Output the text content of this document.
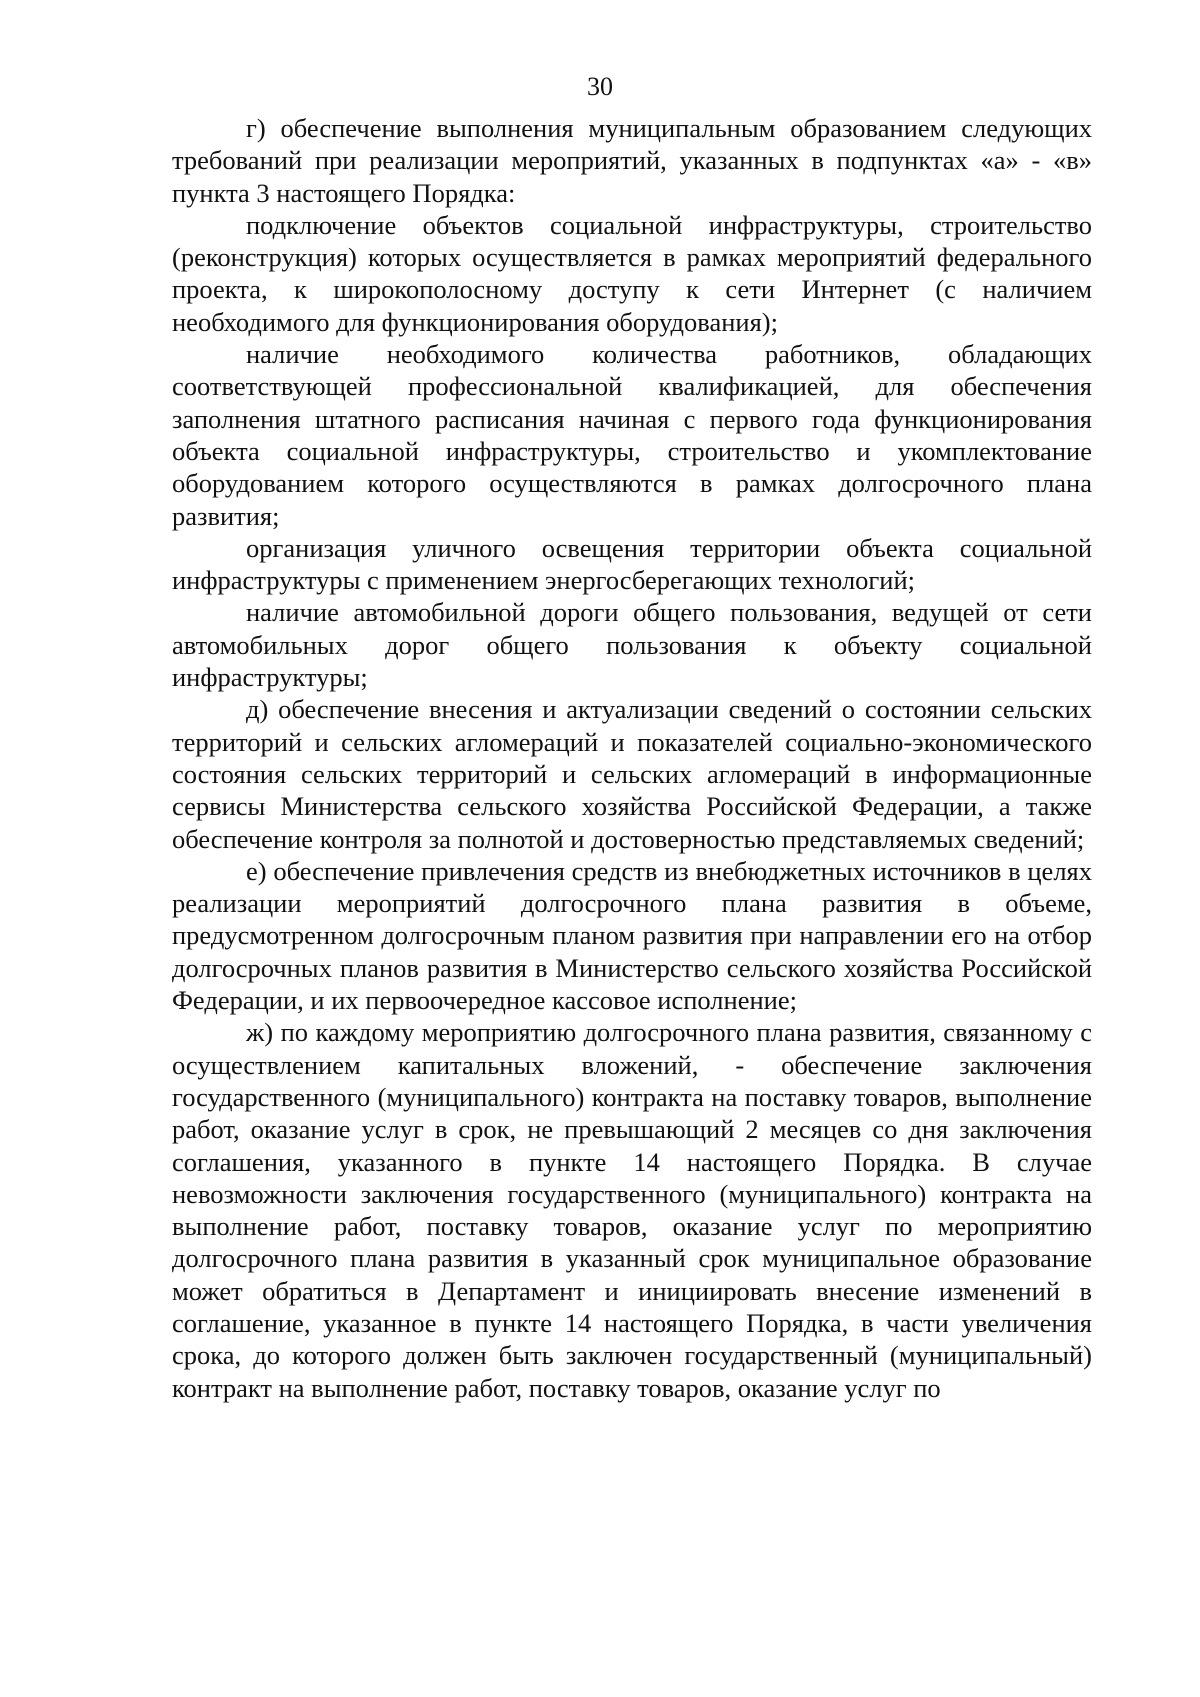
30

г) обеспечение выполнения муниципальным образованием следующих требований при реализации мероприятий, указанных в подпунктах «а» - «в» пункта 3 настоящего Порядка:

подключение объектов социальной инфраструктуры, строительство (реконструкция) которых осуществляется в рамках мероприятий федерального проекта, к широкополосному доступу к сети Интернет (с наличием необходимого для функционирования оборудования);

наличие необходимого количества работников, обладающих соответствующей профессиональной квалификацией, для обеспечения заполнения штатного расписания начиная с первого года функционирования объекта социальной инфраструктуры, строительство и укомплектование оборудованием которого осуществляются в рамках долгосрочного плана развития;

организация уличного освещения территории объекта социальной инфраструктуры с применением энергосберегающих технологий;

наличие автомобильной дороги общего пользования, ведущей от сети автомобильных дорог общего пользования к объекту социальной инфраструктуры;

д) обеспечение внесения и актуализации сведений о состоянии сельских территорий и сельских агломераций и показателей социально-экономического состояния сельских территорий и сельских агломераций в информационные сервисы Министерства сельского хозяйства Российской Федерации, а также обеспечение контроля за полнотой и достоверностью представляемых сведений;

е) обеспечение привлечения средств из внебюджетных источников в целях реализации мероприятий долгосрочного плана развития в объеме, предусмотренном долгосрочным планом развития при направлении его на отбор долгосрочных планов развития в Министерство сельского хозяйства Российской Федерации, и их первоочередное кассовое исполнение;

ж) по каждому мероприятию долгосрочного плана развития, связанному с осуществлением капитальных вложений, - обеспечение заключения государственного (муниципального) контракта на поставку товаров, выполнение работ, оказание услуг в срок, не превышающий 2 месяцев со дня заключения соглашения, указанного в пункте 14 настоящего Порядка. В случае невозможности заключения государственного (муниципального) контракта на выполнение работ, поставку товаров, оказание услуг по мероприятию долгосрочного плана развития в указанный срок муниципальное образование может обратиться в Департамент и инициировать внесение изменений в соглашение, указанное в пункте 14 настоящего Порядка, в части увеличения срока, до которого должен быть заключен государственный (муниципальный) контракт на выполнение работ, поставку товаров, оказание услуг по
